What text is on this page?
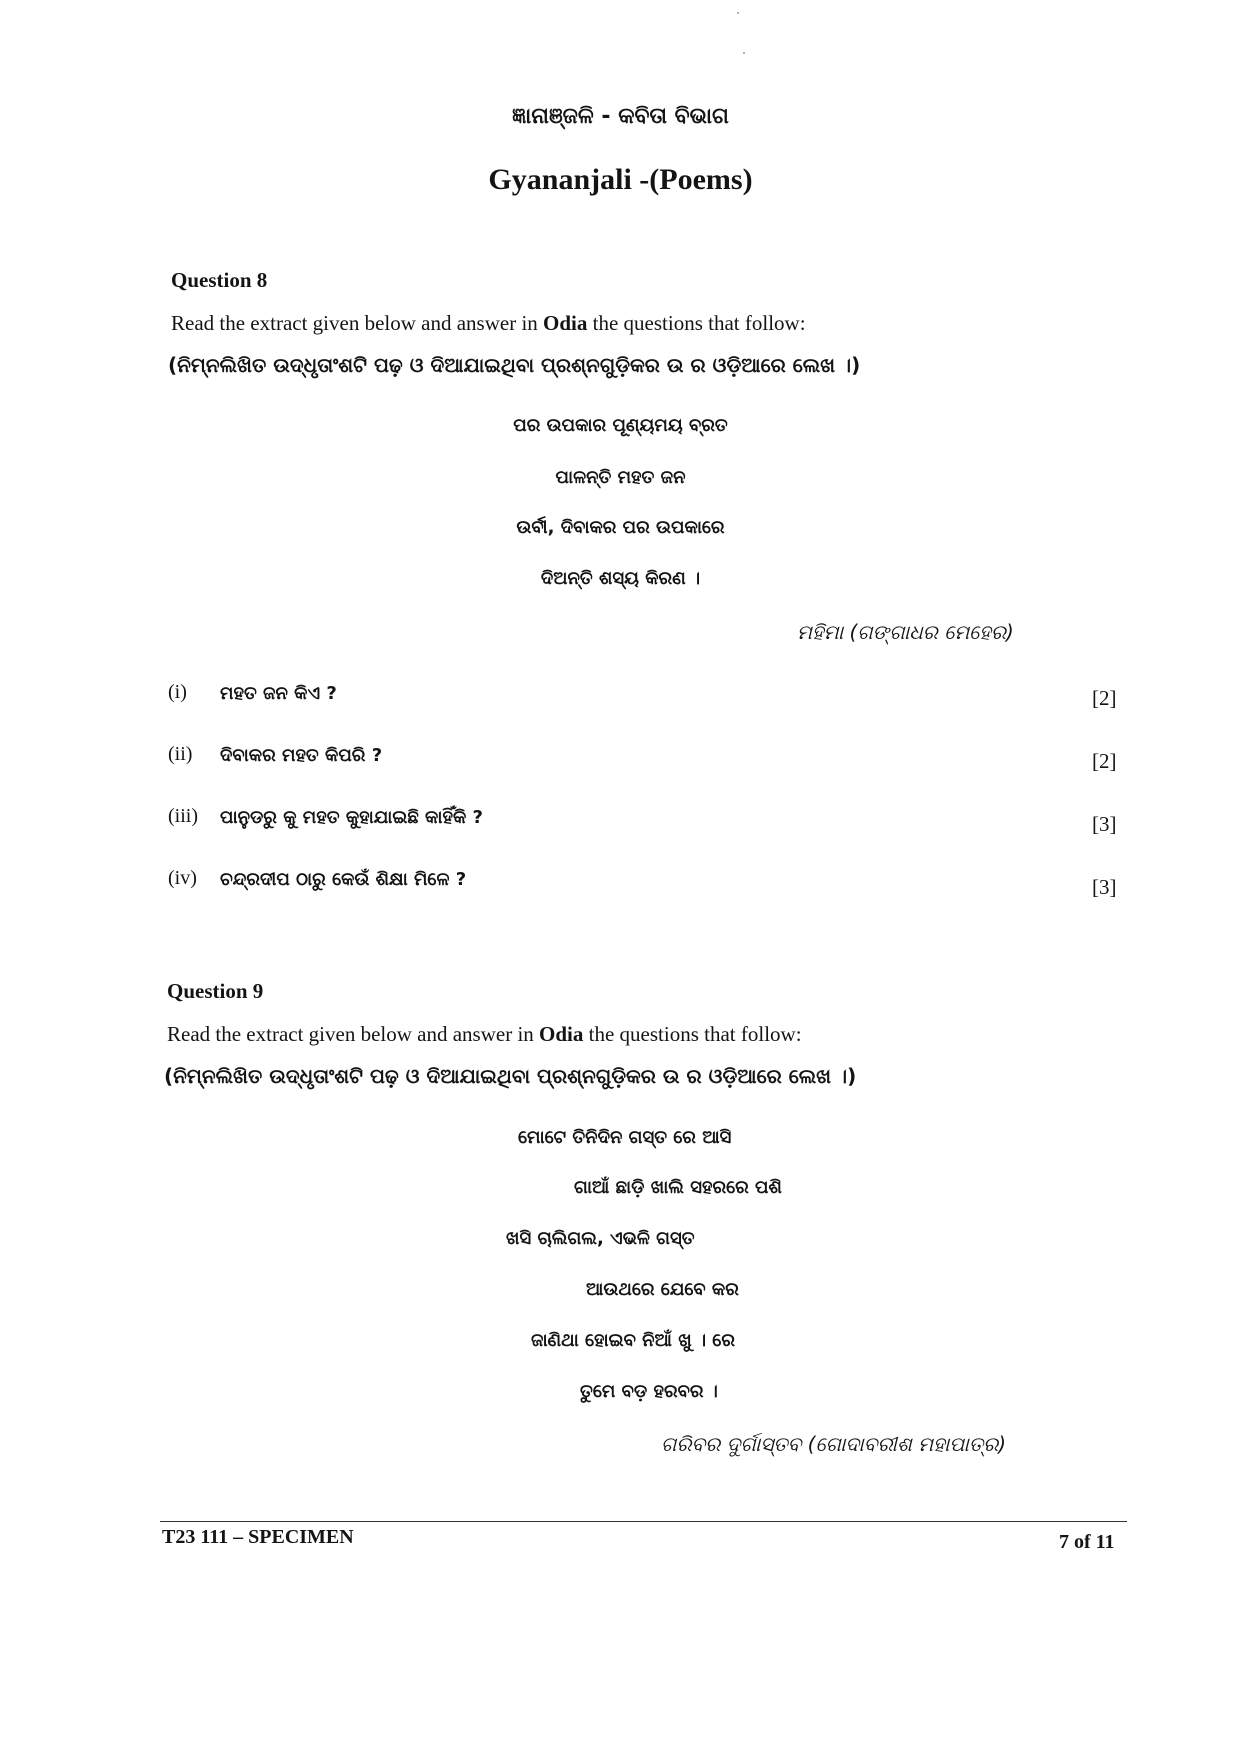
ଜ୍ଞାନାଞ୍ଜଳି - କବିତା ବିଭାଗ
Gyananjali -(Poems)
Question 8
Read the extract given below and answer in Odia the questions that follow:
(ନିମ୍ନଲିଖିତ ଉଦ୍ଧୃତାଂଶଟି ପଢ଼ ଓ ଦିଆଯାଇଥିବା ପ୍ରଶ୍ନଗୁଡ଼ିକର ଉ ର ଓଡ଼ିଆରେ ଲେଖ ।)
ପର ଉପକାର ପୂଣ୍ୟମୟ ବ୍ରତ
ପାଳନ୍ତି ମହତ ଜନ
ଉର୍ବୀ, ଦିବାକର ପର ଉପକାରେ
ଦିଅନ୍ତି ଶସ୍ୟ କିରଣ ।
ମହିମା (ଗଙ୍ଗାଧର ମେହେର)
(i) ମହତ ଜନ କିଏ ?	[2]
(ii) ଦିବାକର ମହତ କିପରି ?	[2]
(iii) ପାନୁଡରୁ କୁ ମହତ କୁହାଯାଇଛି କାହିଁକି ?	[3]
(iv) ଚନ୍ଦ୍ରଦୀପ ଠାରୁ କେଉଁ ଶିକ୍ଷା ମିଳେ ?	[3]
Question 9
Read the extract given below and answer in Odia the questions that follow:
(ନିମ୍ନଲିଖିତ ଉଦ୍ଧୃତାଂଶଟି ପଢ଼ ଓ ଦିଆଯାଇଥିବା ପ୍ରଶ୍ନଗୁଡ଼ିକର ଉ ର ଓଡ଼ିଆରେ ଲେଖ ।)
ମୋଟେ ତିନିଦିନ ଗସ୍ତ ରେ ଆସି
ଗାଆଁ ଛାଡ଼ି ଖାଲି ସହରରେ ପଶି
ଖସି ଚାଲିଗଲ, ଏଭଳି ଗସ୍ତ
ଆଉଥରେ ଯେବେ କର
ଜାଣିଥା ହୋଇବ ନିଆଁ ଖୁ । ରେ
ତୁମେ ବଡ଼ ହରବର ।
ଗରିବର ଦୁର୍ଗାସ୍ତବ (ଗୋଦାବରୀଶ ମହାପାତ୍ର)
T23 111 – SPECIMEN	7 of 11
